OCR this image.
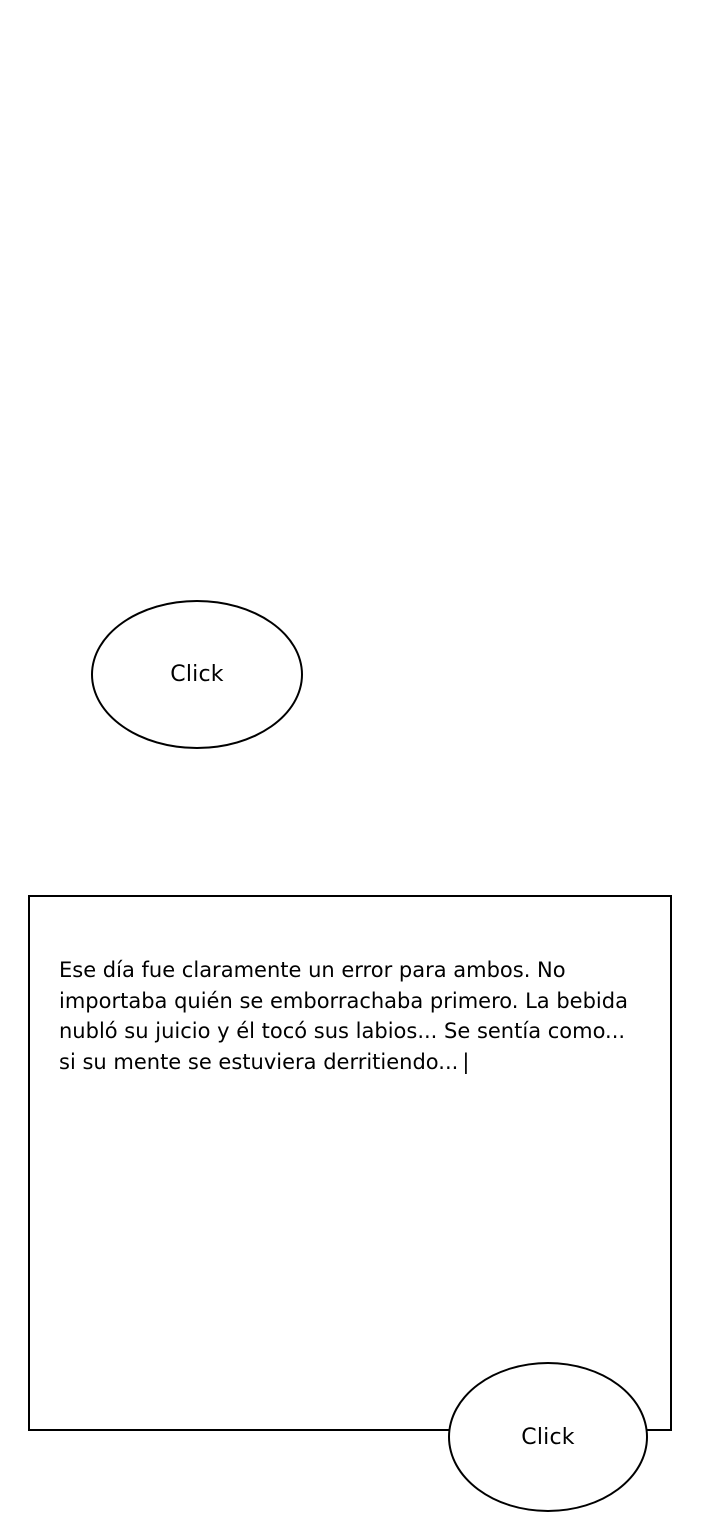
Click

Ese día fue claramente un error para ambos. No importaba quién se emborrachaba primero. La bebida nubló su juicio y él tocó sus labios... Se sentía como... si su mente se estuviera derritiendo... |

Click
